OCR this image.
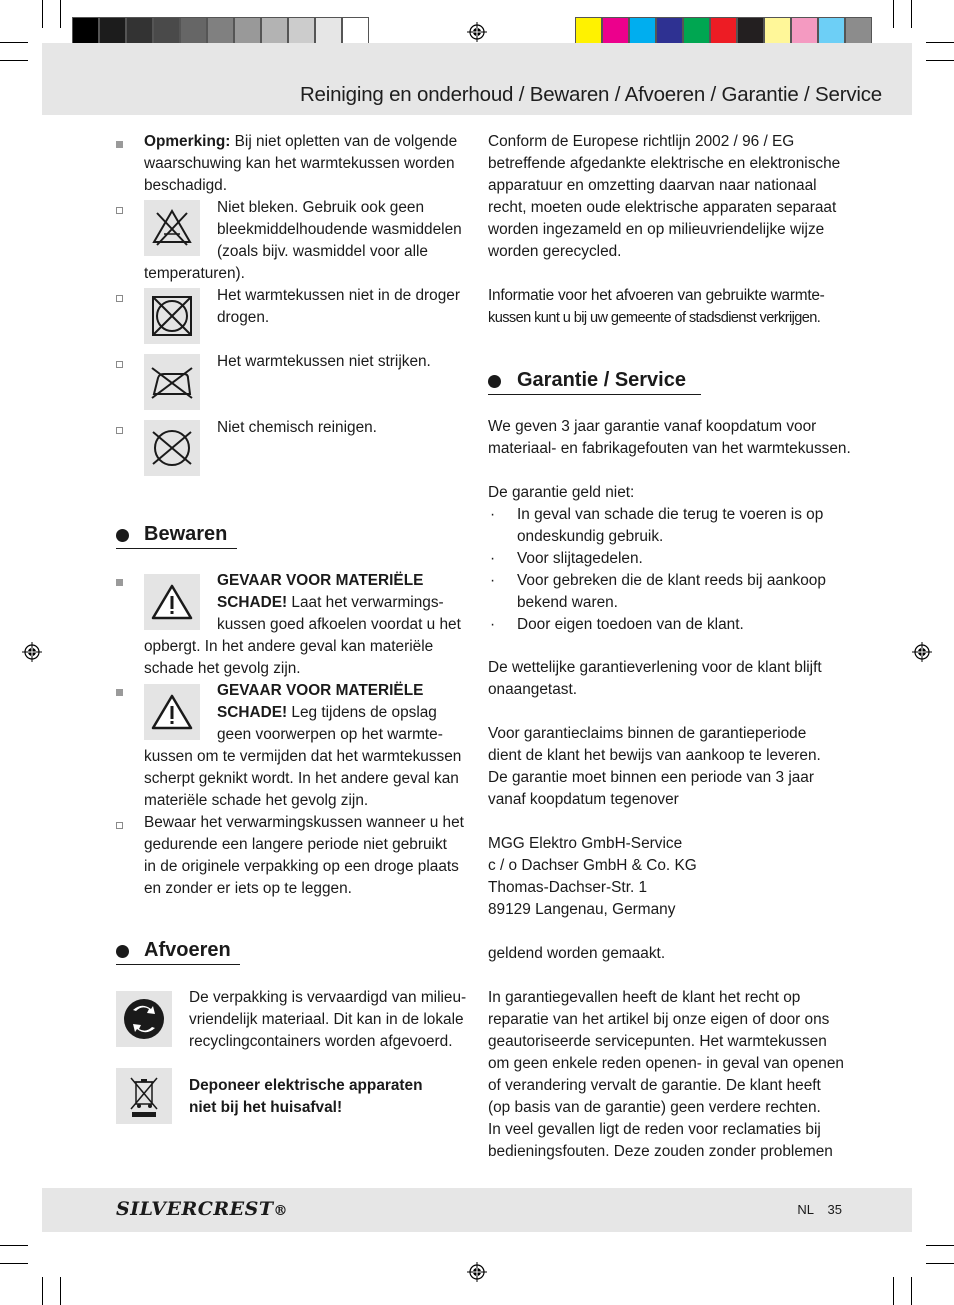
Reiniging en onderhoud / Bewaren / Afvoeren / Garantie / Service
Opmerking: Bij niet opletten van de volgende
waarschuwing kan het warmtekussen worden
beschadigd.
Niet bleken. Gebruik ook geen
bleekmiddelhoudende wasmiddelen
(zoals bijv. wasmiddel voor alle
temperaturen).
Het warmtekussen niet in de droger
drogen.
Het warmtekussen niet strijken.
Niet chemisch reinigen.
Bewaren
GEVAAR VOOR MATERIËLE
SCHADE! Laat het verwarmings-
kussen goed afkoelen voordat u het
opbergt. In het andere geval kan materiële
schade het gevolg zijn.
GEVAAR VOOR MATERIËLE
SCHADE! Leg tijdens de opslag
geen voorwerpen op het warmte-
kussen om te vermijden dat het warmtekussen
scherpt geknikt wordt. In het andere geval kan
materiële schade het gevolg zijn.
Bewaar het verwarmingskussen wanneer u het
gedurende een langere periode niet gebruikt
in de originele verpakking op een droge plaats
en zonder er iets op te leggen.
Afvoeren
De verpakking is vervaardigd van milieu-
vriendelijk materiaal. Dit kan in de lokale
recyclingcontainers worden afgevoerd.
Deponeer elektrische apparaten
niet bij het huisafval!
Conform de Europese richtlijn 2002 / 96 / EG
betreffende afgedankte elektrische en elektronische
apparatuur en omzetting daarvan naar nationaal
recht, moeten oude elektrische apparaten separaat
worden ingezameld en op milieuvriendelijke wijze
worden gerecycled.
Informatie voor het afvoeren van gebruikte warmte-
kussen kunt u bij uw gemeente of stadsdienst verkrijgen.
We geven 3 jaar garantie vanaf koopdatum voor
materiaal- en fabrikagefouten van het warmtekussen.
De garantie geld niet:
· In geval van schade die terug te voeren is op
ondeskundig gebruik.
· Voor slijtagedelen.
· Voor gebreken die de klant reeds bij aankoop
bekend waren.
· Door eigen toedoen van de klant.
De wettelijke garantieverlening voor de klant blijft
onaangetast.
Voor garantieclaims binnen de garantieperiode
dient de klant het bewijs van aankoop te leveren.
De garantie moet binnen een periode van 3 jaar
vanaf koopdatum tegenover
MGG Elektro GmbH-Service
c / o Dachser GmbH & Co. KG
Thomas-Dachser-Str. 1
89129 Langenau, Germany
geldend worden gemaakt.
In garantiegevallen heeft de klant het recht op
reparatie van het artikel bij onze eigen of door ons
geautoriseerde servicepunten. Het warmtekussen
om geen enkele reden openen- in geval van openen
of verandering vervalt de garantie. De klant heeft
(op basis van de garantie) geen verdere rechten.
In veel gevallen ligt de reden voor reclamaties bij
bedieningsfouten. Deze zouden zonder problemen
Garantie / Service
SILVERCREST®	NL 35
